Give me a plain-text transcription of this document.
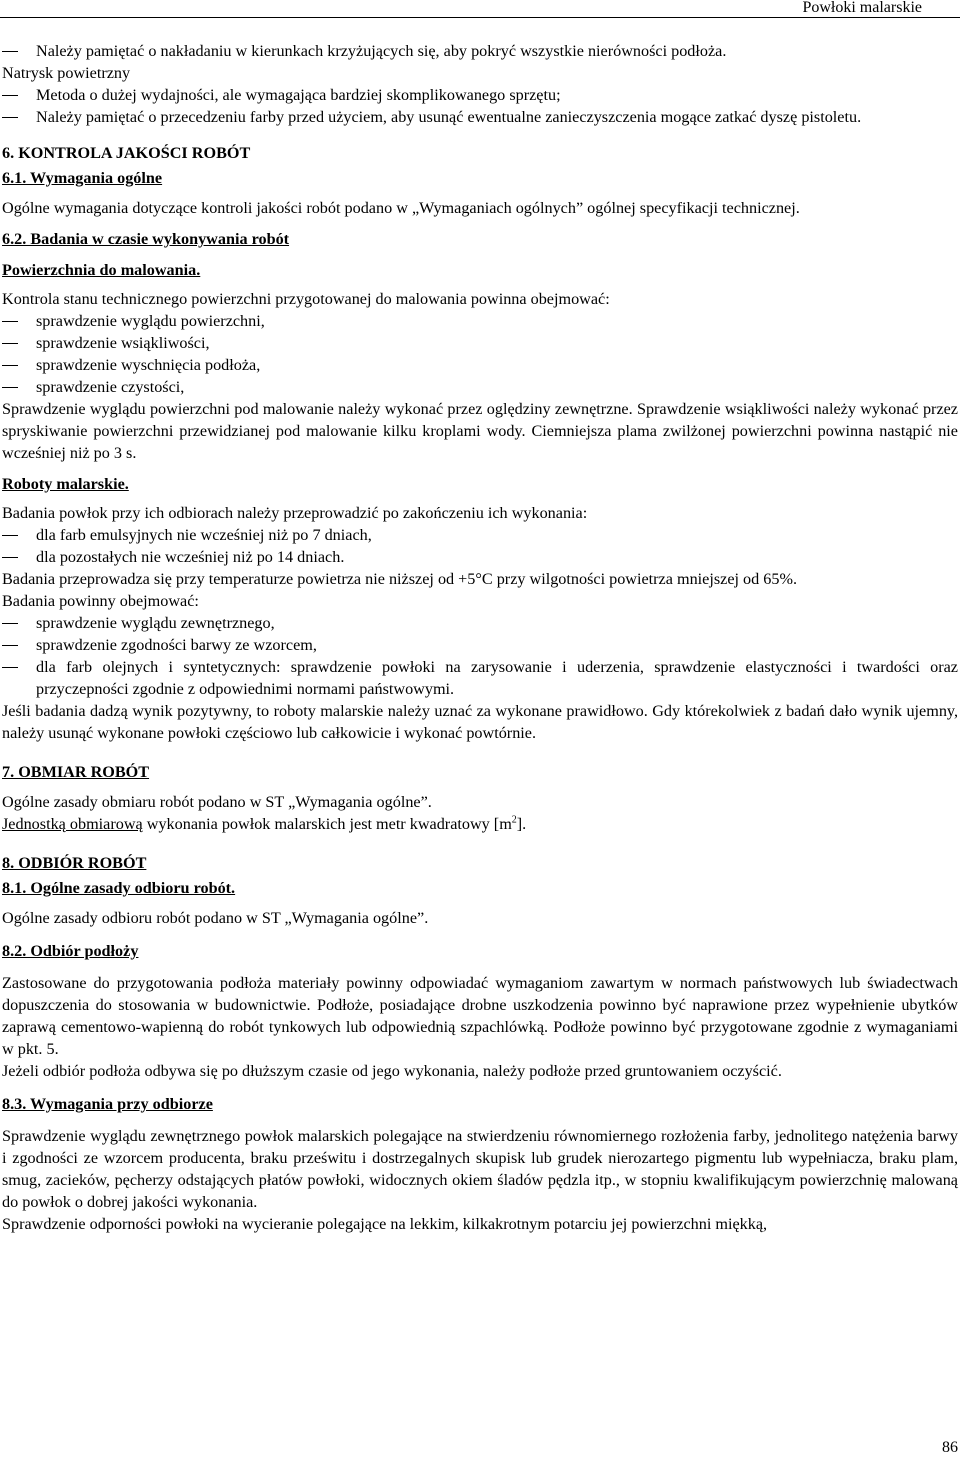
Powłoki malarskie

Należy pamiętać o nakładaniu w kierunkach krzyżujących się, aby pokryć wszystkie nierówności podłoża.

Natrysk powietrzny

Metoda o dużej wydajności, ale wymagająca bardziej skomplikowanego sprzętu;

Należy pamiętać o przecedzeniu farby przed użyciem, aby usunąć ewentualne zanieczyszczenia mogące zatkać dyszę pistoletu.

6. KONTROLA JAKOŚCI ROBÓT

6.1. Wymagania ogólne

Ogólne wymagania dotyczące kontroli jakości robót podano w „Wymaganiach ogólnych” ogólnej specyfikacji technicznej.

6.2. Badania w czasie wykonywania robót

Powierzchnia do malowania.

Kontrola stanu technicznego powierzchni przygotowanej do malowania powinna obejmować:

sprawdzenie wyglądu powierzchni,

sprawdzenie wsiąkliwości,

sprawdzenie wyschnięcia podłoża,

sprawdzenie czystości,

Sprawdzenie wyglądu powierzchni pod malowanie należy wykonać przez oględziny zewnętrzne. Sprawdzenie wsiąkliwości należy wykonać przez spryskiwanie powierzchni przewidzianej pod malowanie kilku kroplami wody. Ciemniejsza plama zwilżonej powierzchni powinna nastąpić nie wcześniej niż po 3 s.

Roboty malarskie.

Badania powłok przy ich odbiorach należy przeprowadzić po zakończeniu ich wykonania:

dla farb emulsyjnych nie wcześniej niż po 7 dniach,

dla pozostałych nie wcześniej niż po 14 dniach.

Badania przeprowadza się przy temperaturze powietrza nie niższej od +5°C przy wilgotności powietrza mniejszej od 65%.

Badania powinny obejmować:

sprawdzenie wyglądu zewnętrznego,

sprawdzenie zgodności barwy ze wzorcem,

dla farb olejnych i syntetycznych: sprawdzenie powłoki na zarysowanie i uderzenia, sprawdzenie elastyczności i twardości oraz przyczepności zgodnie z odpowiednimi normami państwowymi.

Jeśli badania dadzą wynik pozytywny, to roboty malarskie należy uznać za wykonane prawidłowo. Gdy którekolwiek z badań dało wynik ujemny, należy usunąć wykonane powłoki częściowo lub całkowicie i wykonać powtórnie.

7. OBMIAR ROBÓT

Ogólne zasady obmiaru robót podano w ST „Wymagania ogólne”.

Jednostką obmiarową wykonania powłok malarskich jest metr kwadratowy $[m^2]$.

8. ODBIÓR ROBÓT

8.1. Ogólne zasady odbioru robót.

Ogólne zasady odbioru robót podano w ST „Wymagania ogólne”.

8.2. Odbiór podłoży

Zastosowane do przygotowania podłoża materiały powinny odpowiadać wymaganiom zawartym w normach państwowych lub świadectwach dopuszczenia do stosowania w budownictwie. Podłoże, posiadające drobne uszkodzenia powinno być naprawione przez wypełnienie ubytków zaprawą cementowo-wapienną do robót tynkowych lub odpowiednią szpachlówką. Podłoże powinno być przygotowane zgodnie z wymaganiami w pkt. 5.

Jeżeli odbiór podłoża odbywa się po dłuższym czasie od jego wykonania, należy podłoże przed gruntowaniem oczyścić.

8.3. Wymagania przy odbiorze

Sprawdzenie wyglądu zewnętrznego powłok malarskich polegające na stwierdzeniu równomiernego rozłożenia farby, jednolitego natężenia barwy i zgodności ze wzorcem producenta, braku prześwitu i dostrzegalnych skupisk lub grudek nierozartego pigmentu lub wypełniacza, braku plam, smug, zacieków, pęcherzy odstających płatów powłoki, widocznych okiem śladów pędzla itp., w stopniu kwalifikującym powierzchnię malowaną do powłok o dobrej jakości wykonania.

Sprawdzenie odporności powłoki na wycieranie polegające na lekkim, kilkakrotnym potarciu jej powierzchni miękką,

86
